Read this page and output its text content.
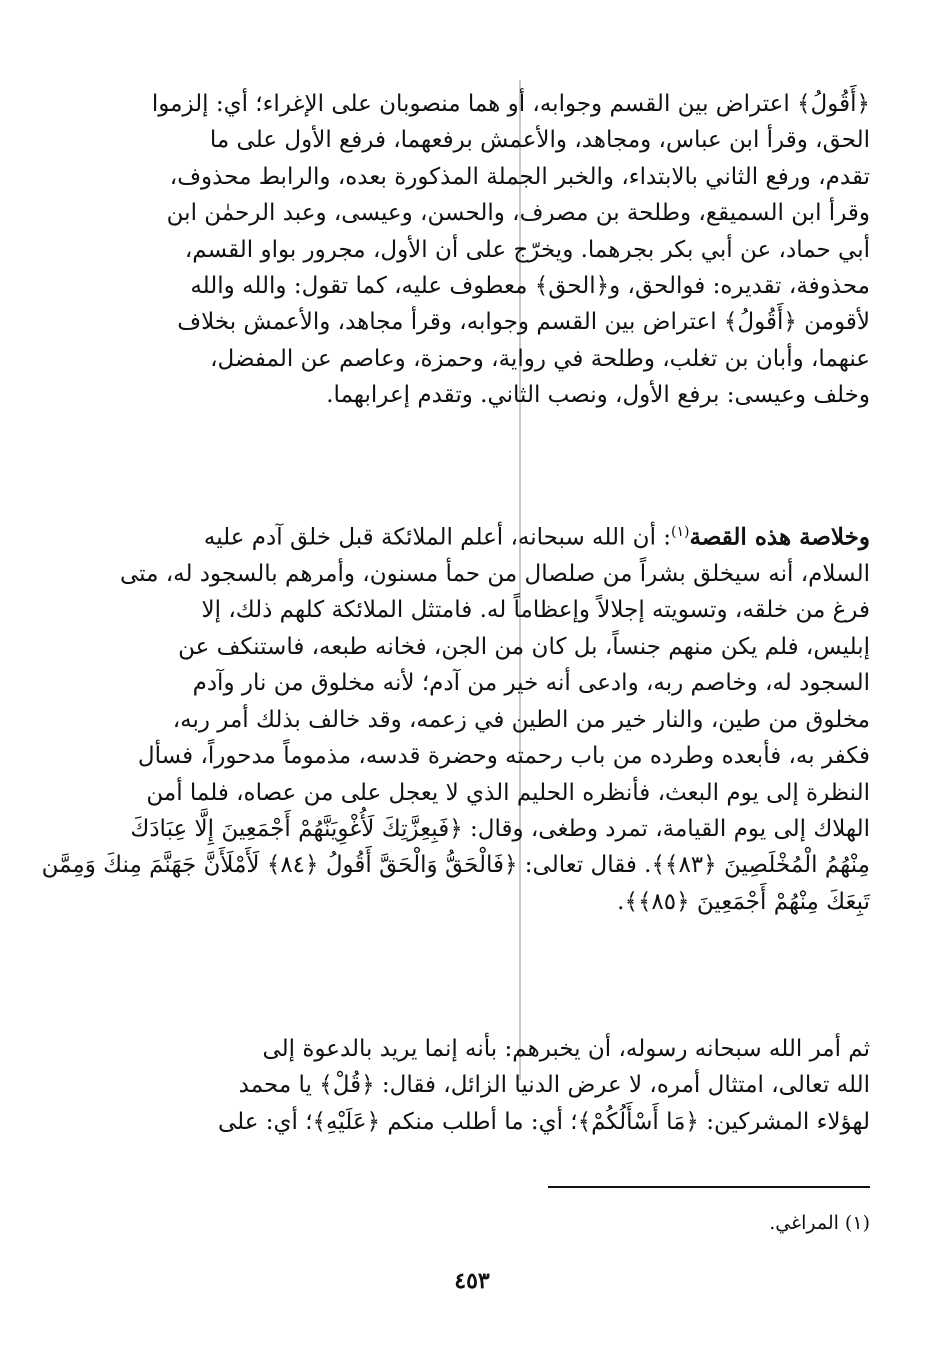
﴿أَقُولُ﴾ اعتراض بين القسم وجوابه، أو هما منصوبان على الإغراء؛ أي: إلزموا
الحق، وقرأ ابن عباس، ومجاهد، والأعمش برفعهما، فرفع الأول على ما
تقدم، ورفع الثاني بالابتداء، والخبر الجملة المذكورة بعده، والرابط محذوف،
وقرأ ابن السميقع، وطلحة بن مصرف، والحسن، وعيسى، وعبد الرحمٰن ابن
أبي حماد، عن أبي بكر بجرهما. ويخرّج على أن الأول، مجرور بواو القسم،
محذوفة، تقديره: فوالحق، و﴿الحق﴾ معطوف عليه، كما تقول: والله والله
لأقومن ﴿أَقُولُ﴾ اعتراض بين القسم وجوابه، وقرأ مجاهد، والأعمش بخلاف
عنهما، وأبان بن تغلب، وطلحة في رواية، وحمزة، وعاصم عن المفضل،
وخلف وعيسى: برفع الأول، ونصب الثاني. وتقدم إعرابهما.
وخلاصة هذه القصة$^{(١)}$: أن الله سبحانه، أعلم الملائكة قبل خلق آدم عليه
السلام، أنه سيخلق بشراً من صلصال من حمأ مسنون، وأمرهم بالسجود له، متى
فرغ من خلقه، وتسويته إجلالاً وإعظاماً له. فامتثل الملائكة كلهم ذلك، إلا
إبليس، فلم يكن منهم جنساً، بل كان من الجن، فخانه طبعه، فاستنكف عن
السجود له، وخاصم ربه، وادعى أنه خير من آدم؛ لأنه مخلوق من نار وآدم
مخلوق من طين، والنار خير من الطين في زعمه، وقد خالف بذلك أمر ربه،
فكفر به، فأبعده وطرده من باب رحمته وحضرة قدسه، مذموماً مدحوراً، فسأل
النظرة إلى يوم البعث، فأنظره الحليم الذي لا يعجل على من عصاه، فلما أمن
الهلاك إلى يوم القيامة، تمرد وطغى، وقال: ﴿فَبِعِزَّتِكَ لَأُغْوِيَنَّهُمْ أَجْمَعِينَ إِلَّا عِبَادَكَ
مِنْهُمُ الْمُخْلَصِينَ ﴿٨٣﴾﴾. فقال تعالى: ﴿فَالْحَقُّ وَالْحَقَّ أَقُولُ ﴿٨٤﴾ لَأَمْلَأَنَّ جَهَنَّمَ مِنكَ وَمِمَّن
تَبِعَكَ مِنْهُمْ أَجْمَعِينَ ﴿٨٥﴾﴾.
ثم أمر الله سبحانه رسوله، أن يخبرهم: بأنه إنما يريد بالدعوة إلى
الله تعالى، امتثال أمره، لا عرض الدنيا الزائل، فقال: ﴿قُلْ﴾ يا محمد
لهؤلاء المشركين: ﴿مَا أَسْأَلُكُمْ﴾؛ أي: ما أطلب منكم ﴿عَلَيْهِ﴾؛ أي: على
(١) المراغي.
٤٥٣
